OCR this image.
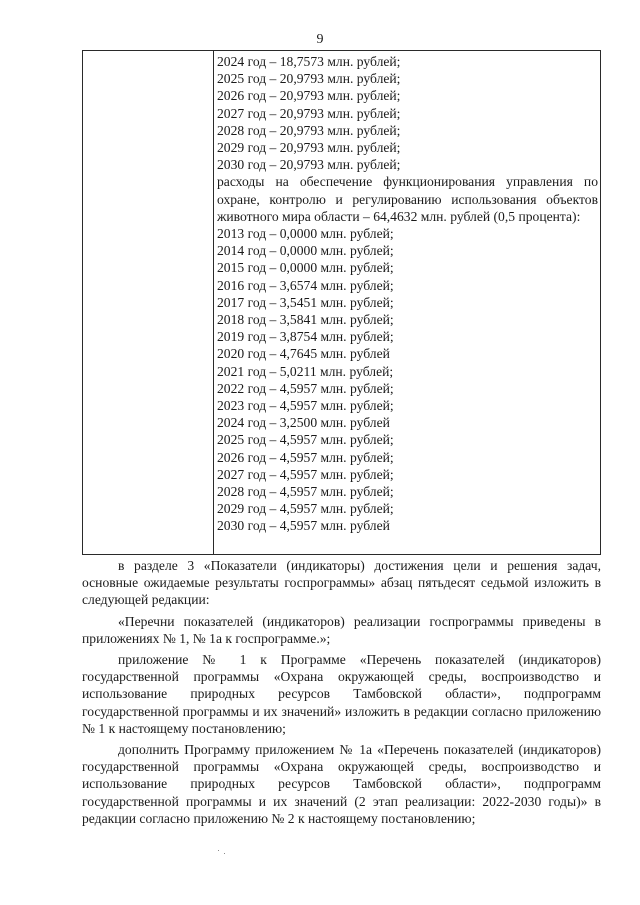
9
2024 год – 18,7573 млн. рублей;
2025 год – 20,9793 млн. рублей;
2026 год – 20,9793 млн. рублей;
2027 год – 20,9793 млн. рублей;
2028 год – 20,9793 млн. рублей;
2029 год – 20,9793 млн. рублей;
2030 год – 20,9793 млн. рублей;
расходы на обеспечение функционирования управления по охране, контролю и регулированию использования объектов животного мира области – 64,4632 млн. рублей (0,5 процента):
2013 год – 0,0000 млн. рублей;
2014 год – 0,0000 млн. рублей;
2015 год – 0,0000 млн. рублей;
2016 год – 3,6574 млн. рублей;
2017 год – 3,5451 млн. рублей;
2018 год – 3,5841 млн. рублей;
2019 год – 3,8754 млн. рублей;
2020 год – 4,7645 млн. рублей
2021 год – 5,0211 млн. рублей;
2022 год – 4,5957 млн. рублей;
2023 год – 4,5957 млн. рублей;
2024 год – 3,2500 млн. рублей
2025 год – 4,5957 млн. рублей;
2026 год – 4,5957 млн. рублей;
2027 год – 4,5957 млн. рублей;
2028 год – 4,5957 млн. рублей;
2029 год – 4,5957 млн. рублей;
2030 год – 4,5957 млн. рублей

в разделе 3 «Показатели (индикаторы) достижения цели и решения задач, основные ожидаемые результаты госпрограммы» абзац пятьдесят седьмой изложить в следующей редакции:

«Перечни показателей (индикаторов) реализации госпрограммы приведены в приложениях № 1, № 1а к госпрограмме.»;

приложение № 1 к Программе «Перечень показателей (индикаторов) государственной программы «Охрана окружающей среды, воспроизводство и использование природных ресурсов Тамбовской области», подпрограмм государственной программы и их значений» изложить в редакции согласно приложению № 1 к настоящему постановлению;

дополнить Программу приложением № 1а «Перечень показателей (индикаторов) государственной программы «Охрана окружающей среды, воспроизводство и использование природных ресурсов Тамбовской области», подпрограмм государственной программы и их значений (2 этап реализации: 2022-2030 годы)» в редакции согласно приложению № 2 к настоящему постановлению;
